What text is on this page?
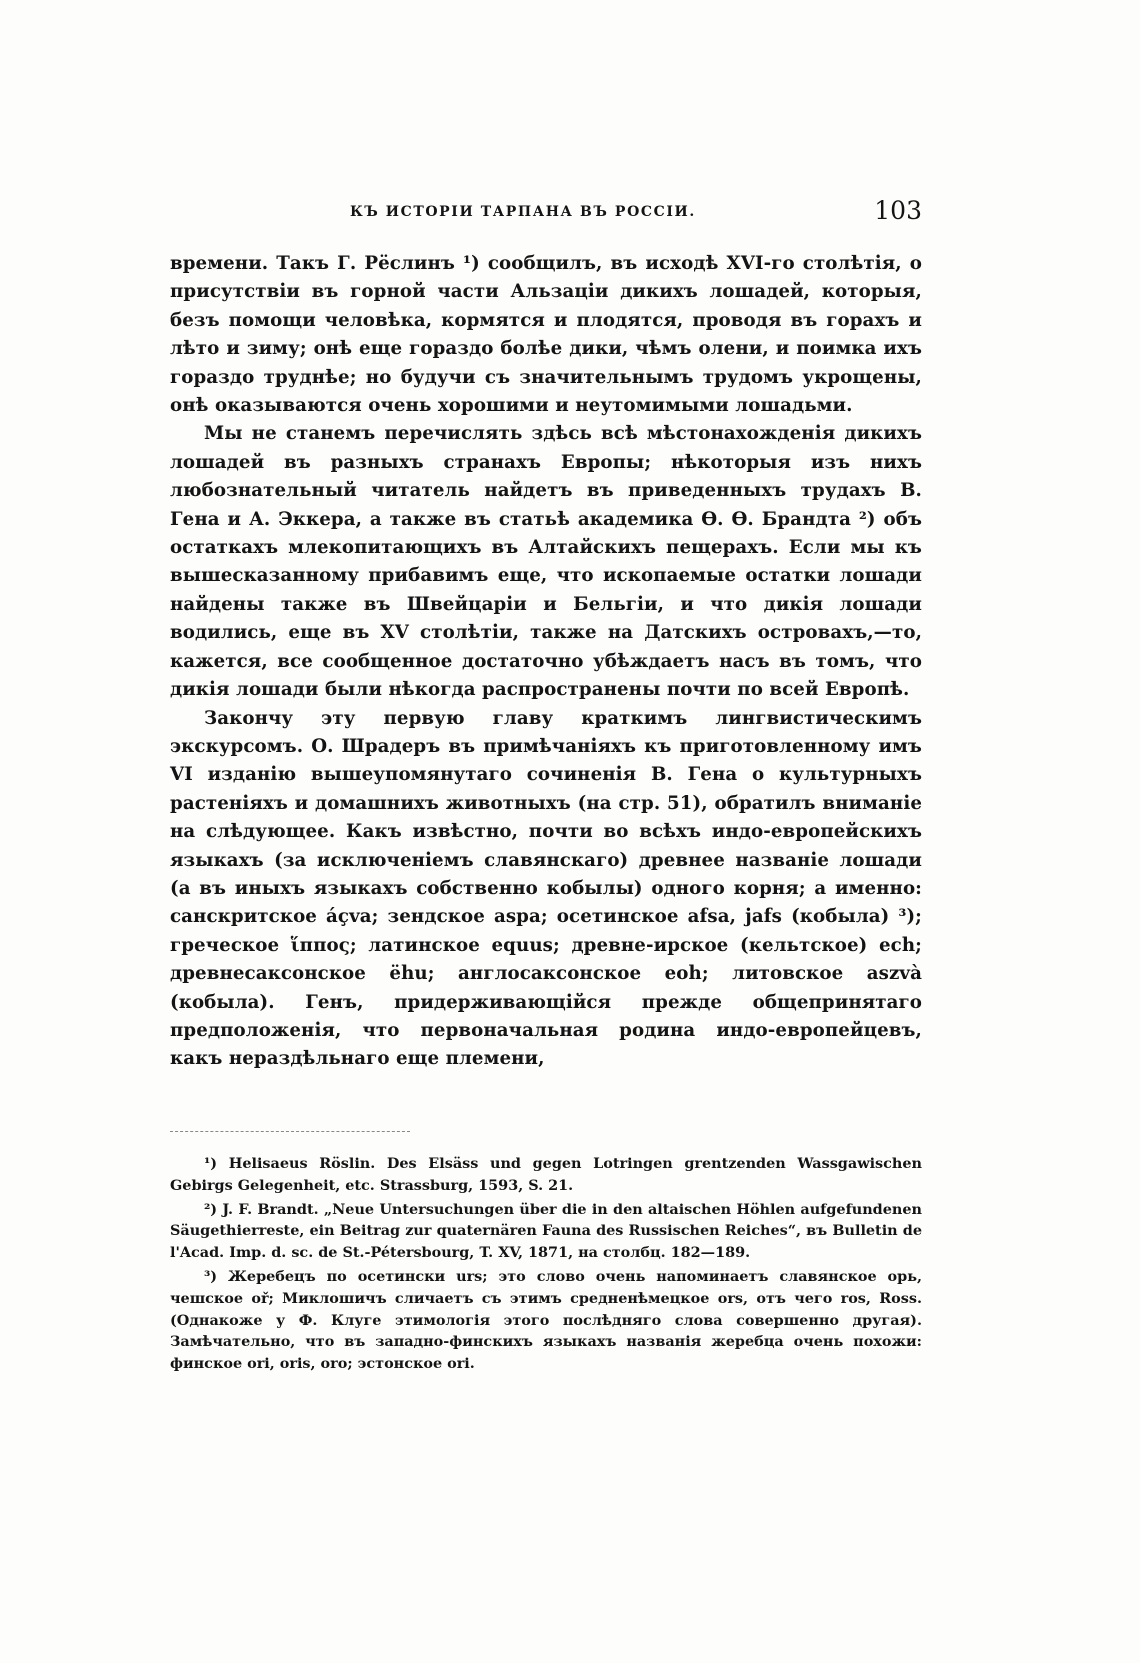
КЪ ИСТОРІИ ТАРПАНА ВЪ РОССІИ.	103

времени. Такъ Г. Рёслинъ ¹) сообщилъ, въ исходѣ XVI-го столѣтія, о присутствіи въ горной части Альзаціи дикихъ лошадей, которыя, безъ помощи человѣка, кормятся и плодятся, проводя въ горахъ и лѣто и зиму; онѣ еще гораздо болѣе дики, чѣмъ олени, и поимка ихъ гораздо труднѣе; но будучи съ значительнымъ трудомъ укрощены, онѣ оказываются очень хорошими и неутомимыми лошадьми.

Мы не станемъ перечислять здѣсь всѣ мѣстонахожденія дикихъ лошадей въ разныхъ странахъ Европы; нѣкоторыя изъ нихъ любознательный читатель найдетъ въ приведенныхъ трудахъ В. Гена и А. Эккера, а также въ статьѣ академика Ѳ. Ѳ. Брандта ²) объ остаткахъ млекопитающихъ въ Алтайскихъ пещерахъ. Если мы къ вышесказанному прибавимъ еще, что ископаемые остатки лошади найдены также въ Швейцаріи и Бельгіи, и что дикія лошади водились, еще въ XV столѣтіи, также на Датскихъ островахъ,—то, кажется, все сообщенное достаточно убѣждаетъ насъ въ томъ, что дикія лошади были нѣкогда распространены почти по всей Европѣ.

Закончу эту первую главу краткимъ лингвистическимъ экскурсомъ. О. Шрадеръ въ примѣчаніяхъ къ приготовленному имъ VI изданію вышеупомянутаго сочиненія В. Гена о культурныхъ растеніяхъ и домашнихъ животныхъ (на стр. 51), обратилъ вниманіе на слѣдующее. Какъ извѣстно, почти во всѣхъ индо-европейскихъ языкахъ (за исключеніемъ славянскаго) древнее названіе лошади (а въ иныхъ языкахъ собственно кобылы) одного корня; а именно: санскритское áçva; зендское aspa; осетинское afsa, jafs (кобыла) ³); греческое ἵππος; латинское equus; древне-ирское (кельтское) ech; древнесаксонское ëhu; англосаксонское eoh; литовское aszvà (кобыла). Генъ, придерживающійся прежде общепринятаго предположенія, что первоначальная родина индо-европейцевъ, какъ нераздѣльнаго еще племени,

¹) Helisaeus Röslin. Des Elsäss und gegen Lotringen grentzenden Wassgawischen Gebirgs Gelegenheit, etc. Strassburg, 1593, S. 21.

²) J. F. Brandt. „Neue Untersuchungen über die in den altaischen Höhlen aufgefundenen Säugethierreste, ein Beitrag zur quaternären Fauna des Russischen Reiches“, въ Bulletin de l'Acad. Imp. d. sc. de St.-Pétersbourg, T. XV, 1871, на столбц. 182—189.

³) Жеребецъ по осетински urs; это слово очень напоминаетъ славянское орь, чешское oř; Миклошичъ сличаетъ съ этимъ средненѣмецкое ors, отъ чего ros, Ross. (Однакоже у Ф. Клуге этимологія этого послѣдняго слова совершенно другая). Замѣчательно, что въ западно-финскихъ языкахъ названія жеребца очень похожи: финское ori, oris, oro; эстонское ori.
